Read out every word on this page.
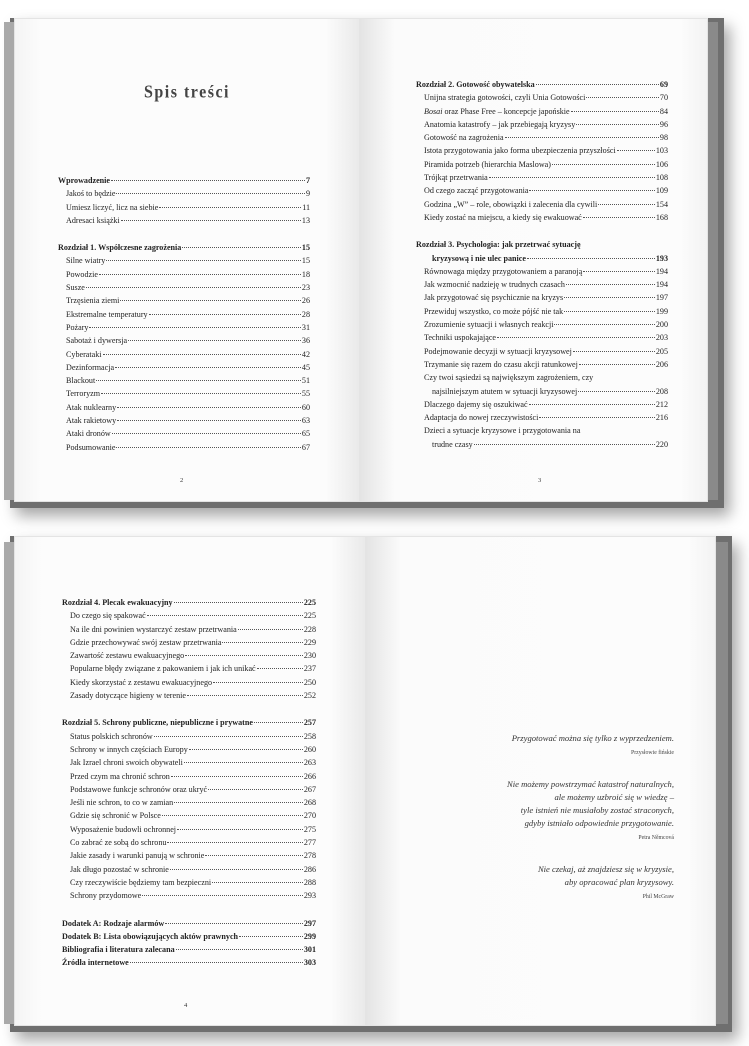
Spis treści
Wprowadzenie	7
Jakoś to będzie	9
Umiesz liczyć, licz na siebie	11
Adresaci książki	13
Rozdział 1. Współczesne zagrożenia	15
Silne wiatry	15
Powodzie	18
Susze	23
Trzęsienia ziemi	26
Ekstremalne temperatury	28
Pożary	31
Sabotaż i dywersja	36
Cyberataki	42
Dezinformacja	45
Blackout	51
Terroryzm	55
Atak nuklearny	60
Atak rakietowy	63
Ataki dronów	65
Podsumowanie	67
2
Rozdział 2. Gotowość obywatelska	69
Unijna strategia gotowości, czyli Unia Gotowości	70
Bosai oraz Phase Free – koncepcje japońskie	84
Anatomia katastrofy – jak przebiegają kryzysy	96
Gotowość na zagrożenia	98
Istota przygotowania jako forma ubezpieczenia przyszłości	103
Piramida potrzeb (hierarchia Maslowa)	106
Trójkąt przetrwania	108
Od czego zacząć przygotowania	109
Godzina „W” – role, obowiązki i zalecenia dla cywili	154
Kiedy zostać na miejscu, a kiedy się ewakuować	168
Rozdział 3. Psychologia: jak przetrwać sytuację
kryzysową i nie ulec panice	193
Równowaga między przygotowaniem a paranoją	194
Jak wzmocnić nadzieję w trudnych czasach	194
Jak przygotować się psychicznie na kryzys	197
Przewiduj wszystko, co może pójść nie tak	199
Zrozumienie sytuacji i własnych reakcji	200
Techniki uspokajające	203
Podejmowanie decyzji w sytuacji kryzysowej	205
Trzymanie się razem do czasu akcji ratunkowej	206
Czy twoi sąsiedzi są największym zagrożeniem, czy
najsilniejszym atutem w sytuacji kryzysowej	208
Dlaczego dajemy się oszukiwać	212
Adaptacja do nowej rzeczywistości	216
Dzieci a sytuacje kryzysowe i przygotowania na
trudne czasy	220
3
Rozdział 4. Plecak ewakuacyjny	225
Do czego się spakować	225
Na ile dni powinien wystarczyć zestaw przetrwania	228
Gdzie przechowywać swój zestaw przetrwania	229
Zawartość zestawu ewakuacyjnego	230
Popularne błędy związane z pakowaniem i jak ich unikać	237
Kiedy skorzystać z zestawu ewakuacyjnego	250
Zasady dotyczące higieny w terenie	252
Rozdział 5. Schrony publiczne, niepubliczne i prywatne	257
Status polskich schronów	258
Schrony w innych częściach Europy	260
Jak Izrael chroni swoich obywateli	263
Przed czym ma chronić schron	266
Podstawowe funkcje schronów oraz ukryć	267
Jeśli nie schron, to co w zamian	268
Gdzie się schronić w Polsce	270
Wyposażenie budowli ochronnej	275
Co zabrać ze sobą do schronu	277
Jakie zasady i warunki panują w schronie	278
Jak długo pozostać w schronie	286
Czy rzeczywiście będziemy tam bezpieczni	288
Schrony przydomowe	293
Dodatek A: Rodzaje alarmów	297
Dodatek B: Lista obowiązujących aktów prawnych	299
Bibliografia i literatura zalecana	301
Źródła internetowe	303
4
Przygotować można się tylko z wyprzedzeniem.
Przysłowie fińskie
Nie możemy powstrzymać katastrof naturalnych,
ale możemy uzbroić się w wiedzę –
tyle istnień nie musiałoby zostać straconych,
gdyby istniało odpowiednie przygotowanie.
Petra Němcová
Nie czekaj, aż znajdziesz się w kryzysie,
aby opracować plan kryzysowy.
Phil McGraw
